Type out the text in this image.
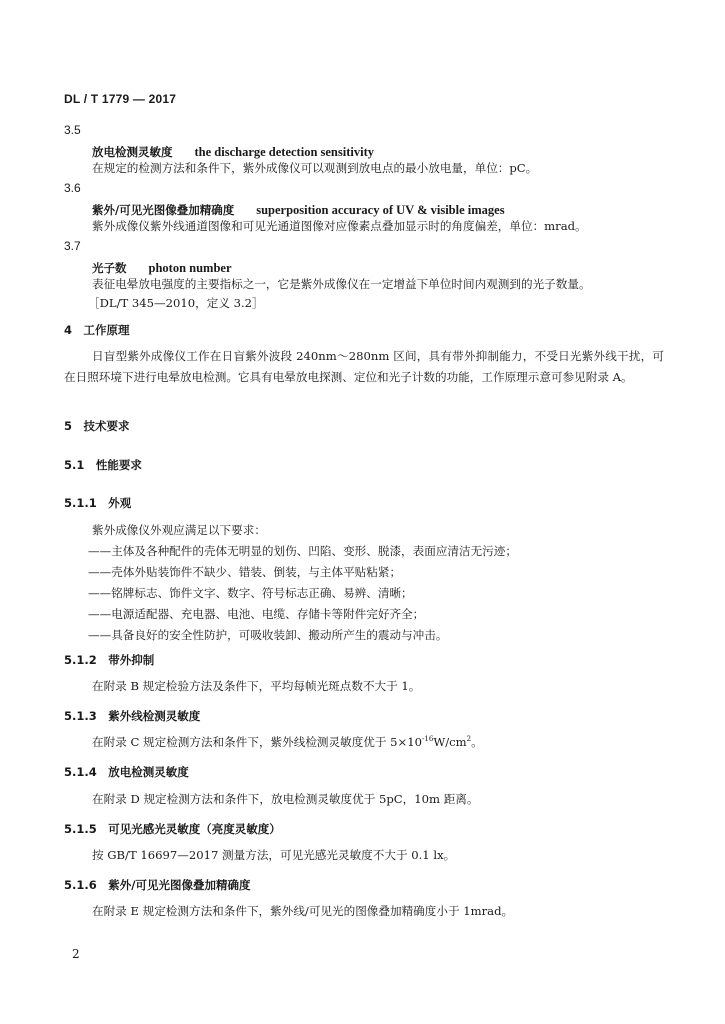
DL / T 1779 — 2017
3.5
放电检测灵敏度 the discharge detection sensitivity
在规定的检测方法和条件下，紫外成像仪可以观测到放电点的最小放电量，单位：pC。
3.6
紫外/可见光图像叠加精确度 superposition accuracy of UV & visible images
紫外成像仪紫外线通道图像和可见光通道图像对应像素点叠加显示时的角度偏差，单位：mrad。
3.7
光子数 photon number
表征电晕放电强度的主要指标之一，它是紫外成像仪在一定增益下单位时间内观测到的光子数量。
［DL/T 345—2010，定义 3.2］
4　工作原理
日盲型紫外成像仪工作在日盲紫外波段 240nm～280nm 区间，具有带外抑制能力，不受日光紫外线干扰，可在日照环境下进行电晕放电检测。它具有电晕放电探测、定位和光子计数的功能，工作原理示意可参见附录 A。
5　技术要求
5.1　性能要求
5.1.1　外观
紫外成像仪外观应满足以下要求：
——主体及各种配件的壳体无明显的划伤、凹陷、变形、脱漆，表面应清洁无污迹；
——壳体外贴装饰件不缺少、错装、倒装，与主体平贴粘紧；
——铭牌标志、饰件文字、数字、符号标志正确、易辨、清晰；
——电源适配器、充电器、电池、电缆、存储卡等附件完好齐全；
——具备良好的安全性防护，可吸收装卸、搬动所产生的震动与冲击。
5.1.2　带外抑制
在附录 B 规定检验方法及条件下，平均每帧光斑点数不大于 1。
5.1.3　紫外线检测灵敏度
在附录 C 规定检测方法和条件下，紫外线检测灵敏度优于 $5\times 10^{-16}W/cm^2$。
5.1.4　放电检测灵敏度
在附录 D 规定检测方法和条件下，放电检测灵敏度优于 5pC，10m 距离。
5.1.5　可见光感光灵敏度（亮度灵敏度）
按 GB/T 16697—2017 测量方法，可见光感光灵敏度不大于 0.1 lx。
5.1.6　紫外/可见光图像叠加精确度
在附录 E 规定检测方法和条件下，紫外线/可见光的图像叠加精确度小于 1mrad。
2
